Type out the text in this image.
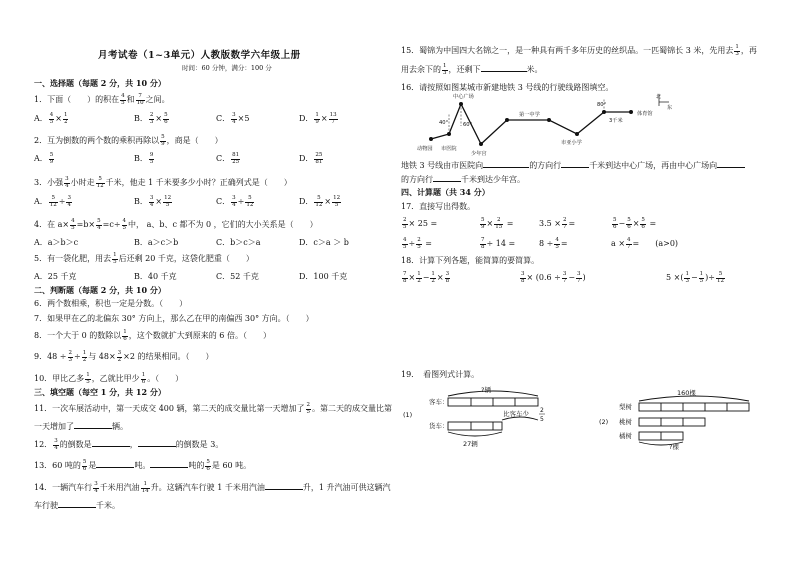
月考试卷（1~3单元）人教版数学六年级上册
时间：60 分钟，满分：100 分
一、选择题（每题 2 分，共 10 分）
1．下面（　　）的积在 $\frac{4}{5}$ 和 $\frac{7}{10}$ 之间。
A． $\frac{4}{5} \times \frac{1}{2}$	B． $\frac{2}{3} \times \frac{5}{6}$	C． $\frac{3}{4} \times 5$	D． $\frac{1}{9} \times \frac{13}{7}$
2．互为倒数的两个数的乘积再除以 $\frac{5}{9}$ ，商是（　　）
A． $\frac{5}{9}$	B． $\frac{9}{5}$	C． $\frac{81}{25}$	D． $\frac{25}{81}$
3．小强 $\frac{3}{4}$ 小时走 $\frac{5}{12}$ 千米，他走 1 千米要多少小时？正确列式是（　　）
A． $\frac{5}{12} \div \frac{3}{4}$	B． $\frac{3}{4} \times \frac{12}{5}$	C． $\frac{3}{4} \div \frac{5}{12}$	D． $\frac{5}{12} \times \frac{12}{5}$
4．在 $a\times \frac{4}{5} =b\times \frac{5}{4} =c\div \frac{4}{5}$ 中， a、b、c 都不为 0 ，它们的大小关系是（　　）
A．a＞b＞c	B．a＞c＞b	C．b＞c＞a	D．c＞a ＞ b
5．有一袋化肥，用去 $\frac{1}{5}$ 后还剩 20 千克，这袋化肥重（　　）
A．25 千克	B．40 千克	C．52 千克	D．100 千克
二、判断题（每题 2 分，共 10 分）
6．两个数相乘，积也一定是分数。（　　）
7．如果甲在乙的北偏东 30° 方向上，那么乙在甲的南偏西 30° 方向。（　　）
8．一个大于 0 的数除以 $\frac{1}{6}$ ，这个数就扩大到原来的 6 倍。（　　）
9．$48 \div \frac{2}{3} \div \frac{1}{2}$ 与 $48\times \frac{3}{2} \times 2$ 的结果相同。（　　）
10．甲比乙多 $\frac{1}{5}$ ，乙就比甲少 $\frac{1}{6}$ 。（　　）
三、填空题（每空 1 分，共 12 分）
11．一次车展活动中，第一天成交 400 辆，第二天的成交量比第一天增加了 $\frac{2}{5}$ 。第二天的成交量比第
一天增加了	辆。
12． $\frac{3}{4}$ 的倒数是	，	的倒数是 3。
13．60 吨的 $\frac{5}{6}$ 是	吨。	吨的 $\frac{5}{6}$ 是 60 吨。
14．一辆汽车行 $\frac{3}{4}$ 千米用汽油 $\frac{1}{14}$ 升。这辆汽车行驶 1 千米用汽油	升，1 升汽油可供这辆汽
车行驶	千米。
15．蜀锦为中国四大名锦之一，是一种具有两千多年历史的丝织品。一匹蜀锦长 3 米，先用去 $\frac{1}{3}$ ，再
用去余下的 $\frac{1}{3}$ ，还剩下	米。
16．请按照如图某城市新建地铁 3 号线的行驶线路图填空。
中心广场
动物园 市医院
少年宫
第一中学
市亚小学
体育馆
40°	60°
80°
3千米
北
东
地铁 3 号线由市医院向	的方向行	千米到达中心广场，再由中心广场向
的方向行	千米到达少年宫。
四、计算题（共 34 分）
17．直接写出得数。
$\frac{2}{5} \times 25$ =	$\frac{5}{9} \times \frac{2}{15}$ =	$3.5 \times \frac{2}{7}$ =	$\frac{5}{6} - \frac{5}{6} \times \frac{5}{6}$ =
$\frac{4}{5} \div \frac{2}{5}$ =	$\frac{7}{8} \div 14$ =	$8 \div \frac{4}{5}$ =	$a \times \frac{4}{7}$ =　　 (a>0)
18．计算下列各题，能简算的要简算。
$\frac{7}{8} \times \frac{1}{2} - \frac{1}{2} \times \frac{3}{8}$	$\frac{3}{8} \times (0.6 \div \frac{3}{7} - \frac{3}{7}$ )	5 ×( $\frac{1}{3} - \frac{1}{5}$ )÷ $\frac{5}{12}$
19．　看图列式计算。
客车：
货车：
(1)
?辆
27辆
比客车少 2
5	(2)
梨树
桃树
橘树
160棵
?棵
